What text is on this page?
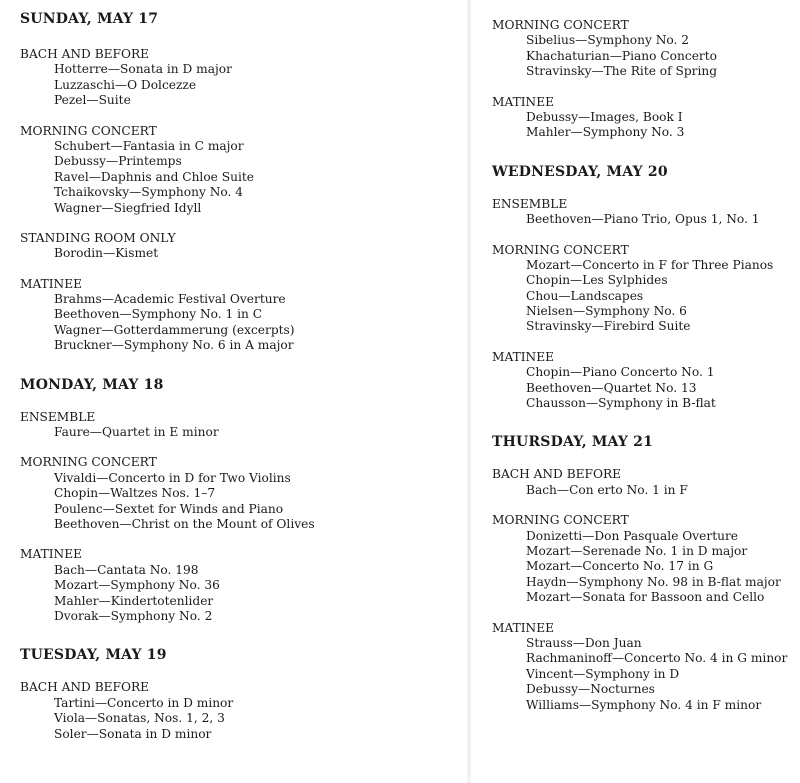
SUNDAY, MAY 17
BACH AND BEFORE
Hotterre—Sonata in D major
Luzzaschi—O Dolcezze
Pezel—Suite
MORNING CONCERT
Schubert—Fantasia in C major
Debussy—Printemps
Ravel—Daphnis and Chloe Suite
Tchaikovsky—Symphony No. 4
Wagner—Siegfried Idyll
STANDING ROOM ONLY
Borodin—Kismet
MATINEE
Brahms—Academic Festival Overture
Beethoven—Symphony No. 1 in C
Wagner—Gotterdammerung (excerpts)
Bruckner—Symphony No. 6 in A major
MONDAY, MAY 18
ENSEMBLE
Faure—Quartet in E minor
MORNING CONCERT
Vivaldi—Concerto in D for Two Violins
Chopin—Waltzes Nos. 1–7
Poulenc—Sextet for Winds and Piano
Beethoven—Christ on the Mount of Olives
MATINEE
Bach—Cantata No. 198
Mozart—Symphony No. 36
Mahler—Kindertotenlider
Dvorak—Symphony No. 2
TUESDAY, MAY 19
BACH AND BEFORE
Tartini—Concerto in D minor
Viola—Sonatas, Nos. 1, 2, 3
Soler—Sonata in D minor
MORNING CONCERT
Sibelius—Symphony No. 2
Khachaturian—Piano Concerto
Stravinsky—The Rite of Spring
MATINEE
Debussy—Images, Book I
Mahler—Symphony No. 3
WEDNESDAY, MAY 20
ENSEMBLE
Beethoven—Piano Trio, Opus 1, No. 1
MORNING CONCERT
Mozart—Concerto in F for Three Pianos
Chopin—Les Sylphides
Chou—Landscapes
Nielsen—Symphony No. 6
Stravinsky—Firebird Suite
MATINEE
Chopin—Piano Concerto No. 1
Beethoven—Quartet No. 13
Chausson—Symphony in B-flat
THURSDAY, MAY 21
BACH AND BEFORE
Bach—Con erto No. 1 in F
MORNING CONCERT
Donizetti—Don Pasquale Overture
Mozart—Serenade No. 1 in D major
Mozart—Concerto No. 17 in G
Haydn—Symphony No. 98 in B-flat major
Mozart—Sonata for Bassoon and Cello
MATINEE
Strauss—Don Juan
Rachmaninoff—Concerto No. 4 in G minor
Vincent—Symphony in D
Debussy—Nocturnes
Williams—Symphony No. 4 in F minor
